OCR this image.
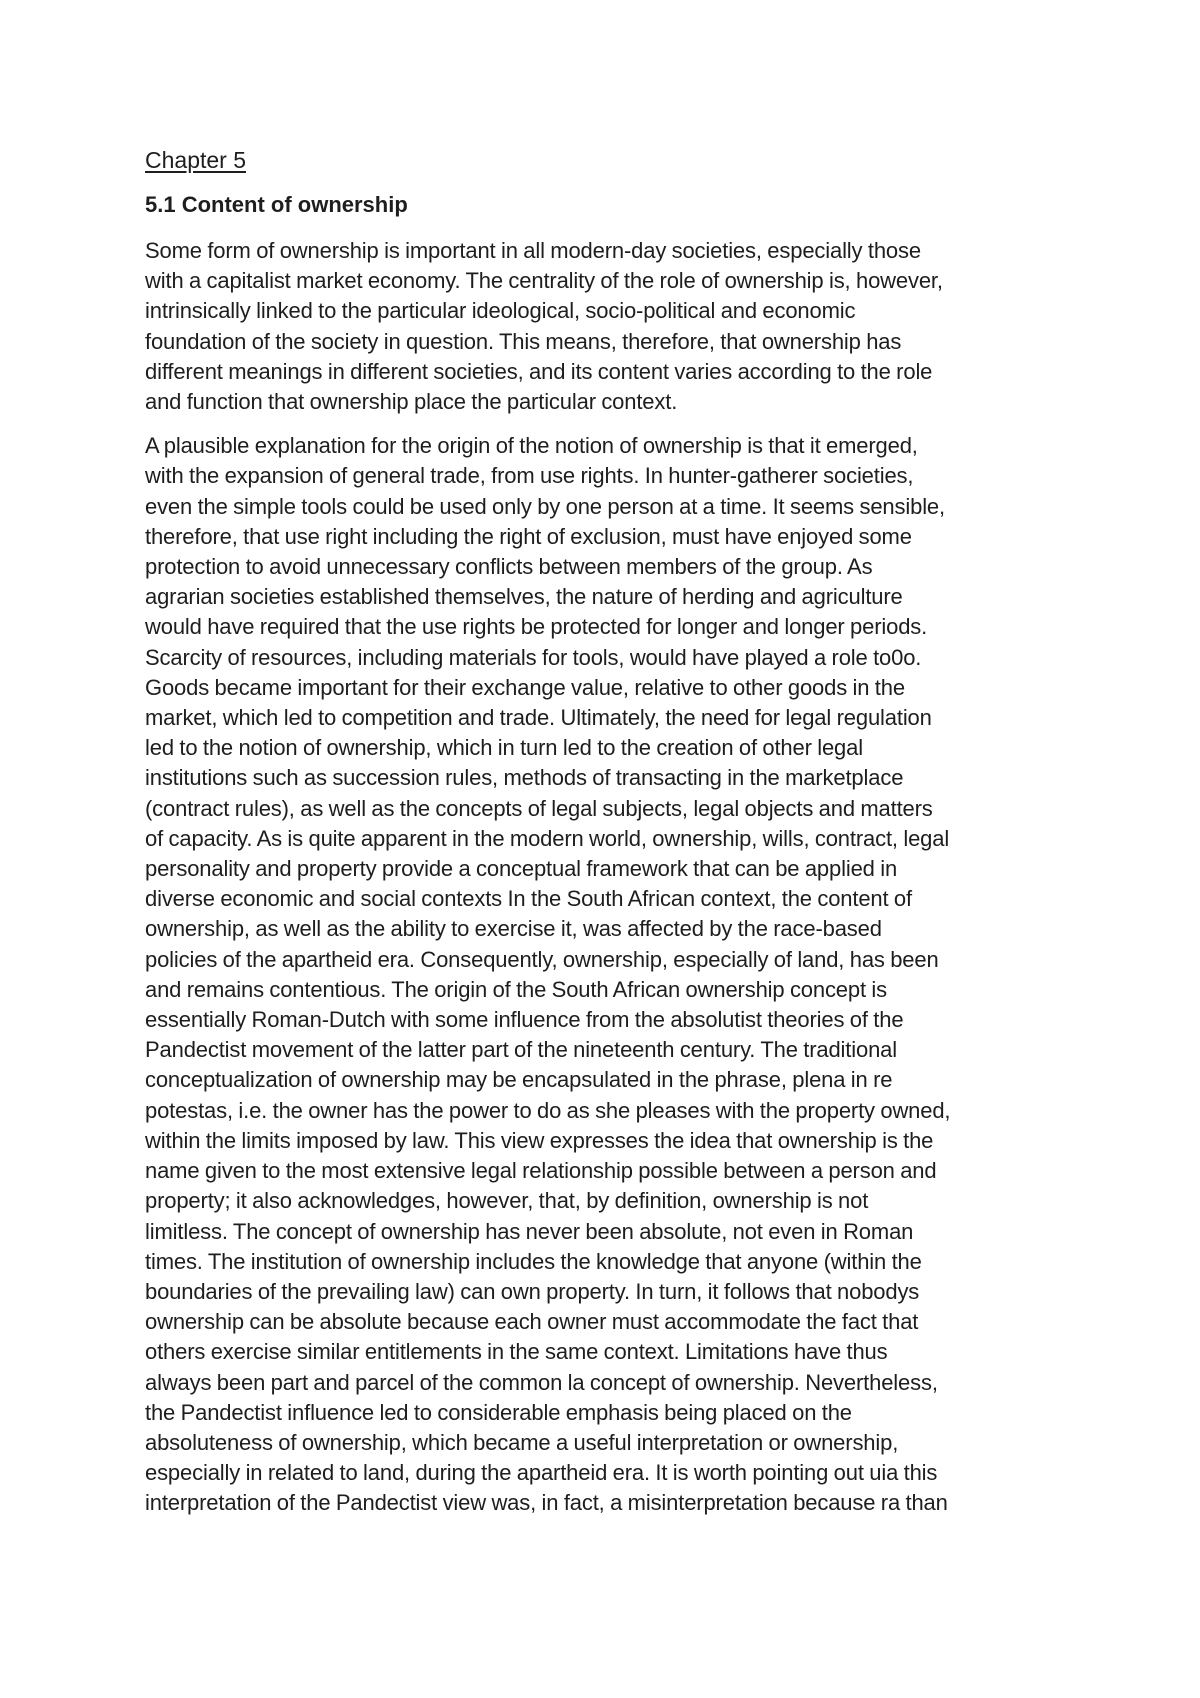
Chapter 5
5.1 Content of ownership
Some form of ownership is important in all modern-day societies, especially those
with a capitalist market economy. The centrality of the role of ownership is, however,
intrinsically linked to the particular ideological, socio-political and economic
foundation of the society in question. This means, therefore, that ownership has
different meanings in different societies, and its content varies according to the role
and function that ownership place the particular context.
A plausible explanation for the origin of the notion of ownership is that it emerged,
with the expansion of general trade, from use rights. In hunter-gatherer societies,
even the simple tools could be used only by one person at a time. It seems sensible,
therefore, that use right including the right of exclusion, must have enjoyed some
protection to avoid unnecessary conflicts between members of the group. As
agrarian societies established themselves, the nature of herding and agriculture
would have required that the use rights be protected for longer and longer periods.
Scarcity of resources, including materials for tools, would have played a role to0o.
Goods became important for their exchange value, relative to other goods in the
market, which led to competition and trade. Ultimately, the need for legal regulation
led to the notion of ownership, which in turn led to the creation of other legal
institutions such as succession rules, methods of transacting in the marketplace
(contract rules), as well as the concepts of legal subjects, legal objects and matters
of capacity. As is quite apparent in the modern world, ownership, wills, contract, legal
personality and property provide a conceptual framework that can be applied in
diverse economic and social contexts In the South African context, the content of
ownership, as well as the ability to exercise it, was affected by the race-based
policies of the apartheid era. Consequently, ownership, especially of land, has been
and remains contentious. The origin of the South African ownership concept is
essentially Roman-Dutch with some influence from the absolutist theories of the
Pandectist movement of the latter part of the nineteenth century. The traditional
conceptualization of ownership may be encapsulated in the phrase, plena in re
potestas, i.e. the owner has the power to do as she pleases with the property owned,
within the limits imposed by law. This view expresses the idea that ownership is the
name given to the most extensive legal relationship possible between a person and
property; it also acknowledges, however, that, by definition, ownership is not
limitless. The concept of ownership has never been absolute, not even in Roman
times. The institution of ownership includes the knowledge that anyone (within the
boundaries of the prevailing law) can own property. In turn, it follows that nobodys
ownership can be absolute because each owner must accommodate the fact that
others exercise similar entitlements in the same context. Limitations have thus
always been part and parcel of the common la concept of ownership. Nevertheless,
the Pandectist influence led to considerable emphasis being placed on the
absoluteness of ownership, which became a useful interpretation or ownership,
especially in related to land, during the apartheid era. It is worth pointing out uia this
interpretation of the Pandectist view was, in fact, a misinterpretation because ra than
